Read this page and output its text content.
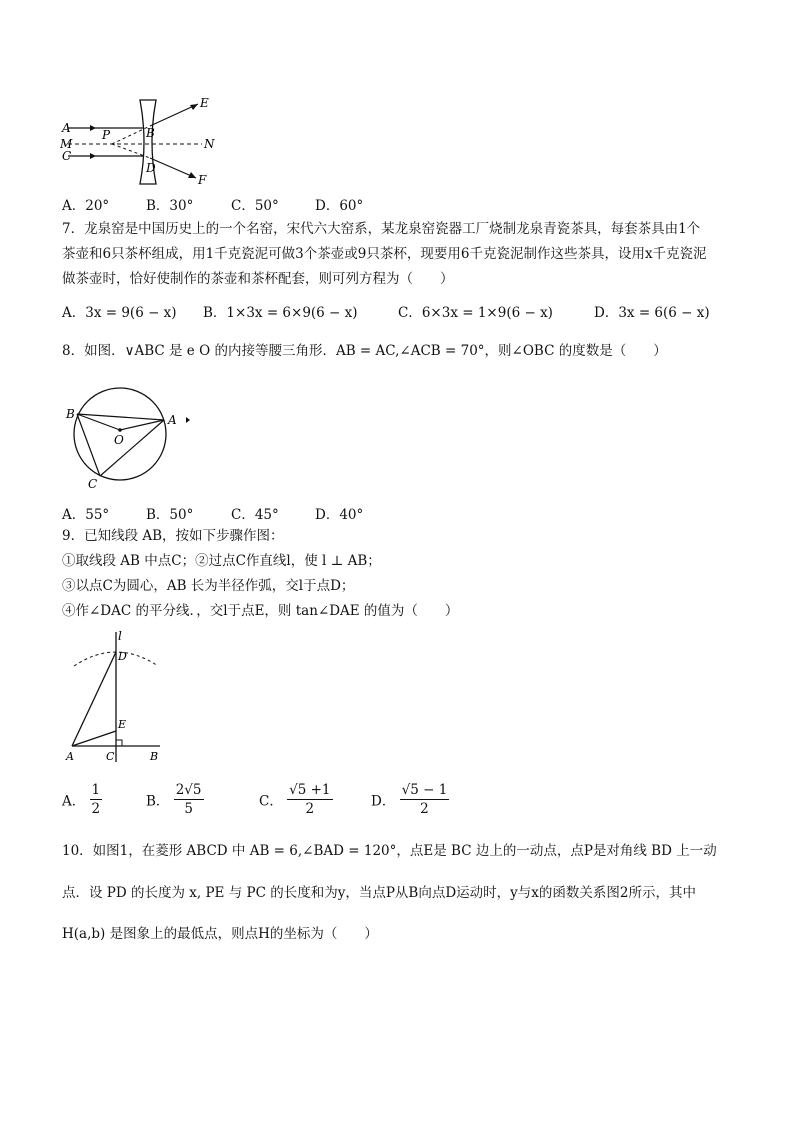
A	P	B
E
M	N
C
D
F
A．20°	B．30°	C．50°	D．60°
7．龙泉窑是中国历史上的一个名窑，宋代六大窑系，某龙泉窑瓷器工厂烧制龙泉青瓷茶具，每套茶具由1个
茶壶和6只茶杯组成，用1千克瓷泥可做3个茶壶或9只茶杯，现要用6千克瓷泥制作这些茶具，设用x千克瓷泥
做茶壶时，恰好使制作的茶壶和茶杯配套，则可列方程为（　　）
A．3x = 9(6 − x) B．1×3x = 6×9(6 − x)	C．6×3x = 1×9(6 − x)	D．3x = 6(6 − x)
8．如图．∨ABC 是 e O 的内接等腰三角形．AB = AC,∠ACB = 70°，则∠OBC 的度数是（　　）
B	A
O
C
A．55°	B．50°	C．45°	D．40°
9．已知线段 AB，按如下步骤作图：
①取线段 AB 中点C；②过点C作直线l，使 l ⊥ AB；
③以点C为圆心，AB 长为半径作弧，交l于点D；
④作∠DAC 的平分线．，交l于点E，则 tan∠DAE 的值为（　　）
l
D
E
A	C	B
A． $\frac{1}{2}$	B． $\frac{2√5}{5}$	C． $\frac{√5 +1}{2}$	D． $\frac{√5 - 1}{2}$
10．如图1，在菱形 ABCD 中 AB = 6,∠BAD = 120°，点E是 BC 边上的一动点，点P是对角线 BD 上一动
点．设 PD 的长度为 x, PE 与 PC 的长度和为y，当点P从B向点D运动时，y与x的函数关系图2所示，其中
H(a,b) 是图象上的最低点，则点H的坐标为（　　）
